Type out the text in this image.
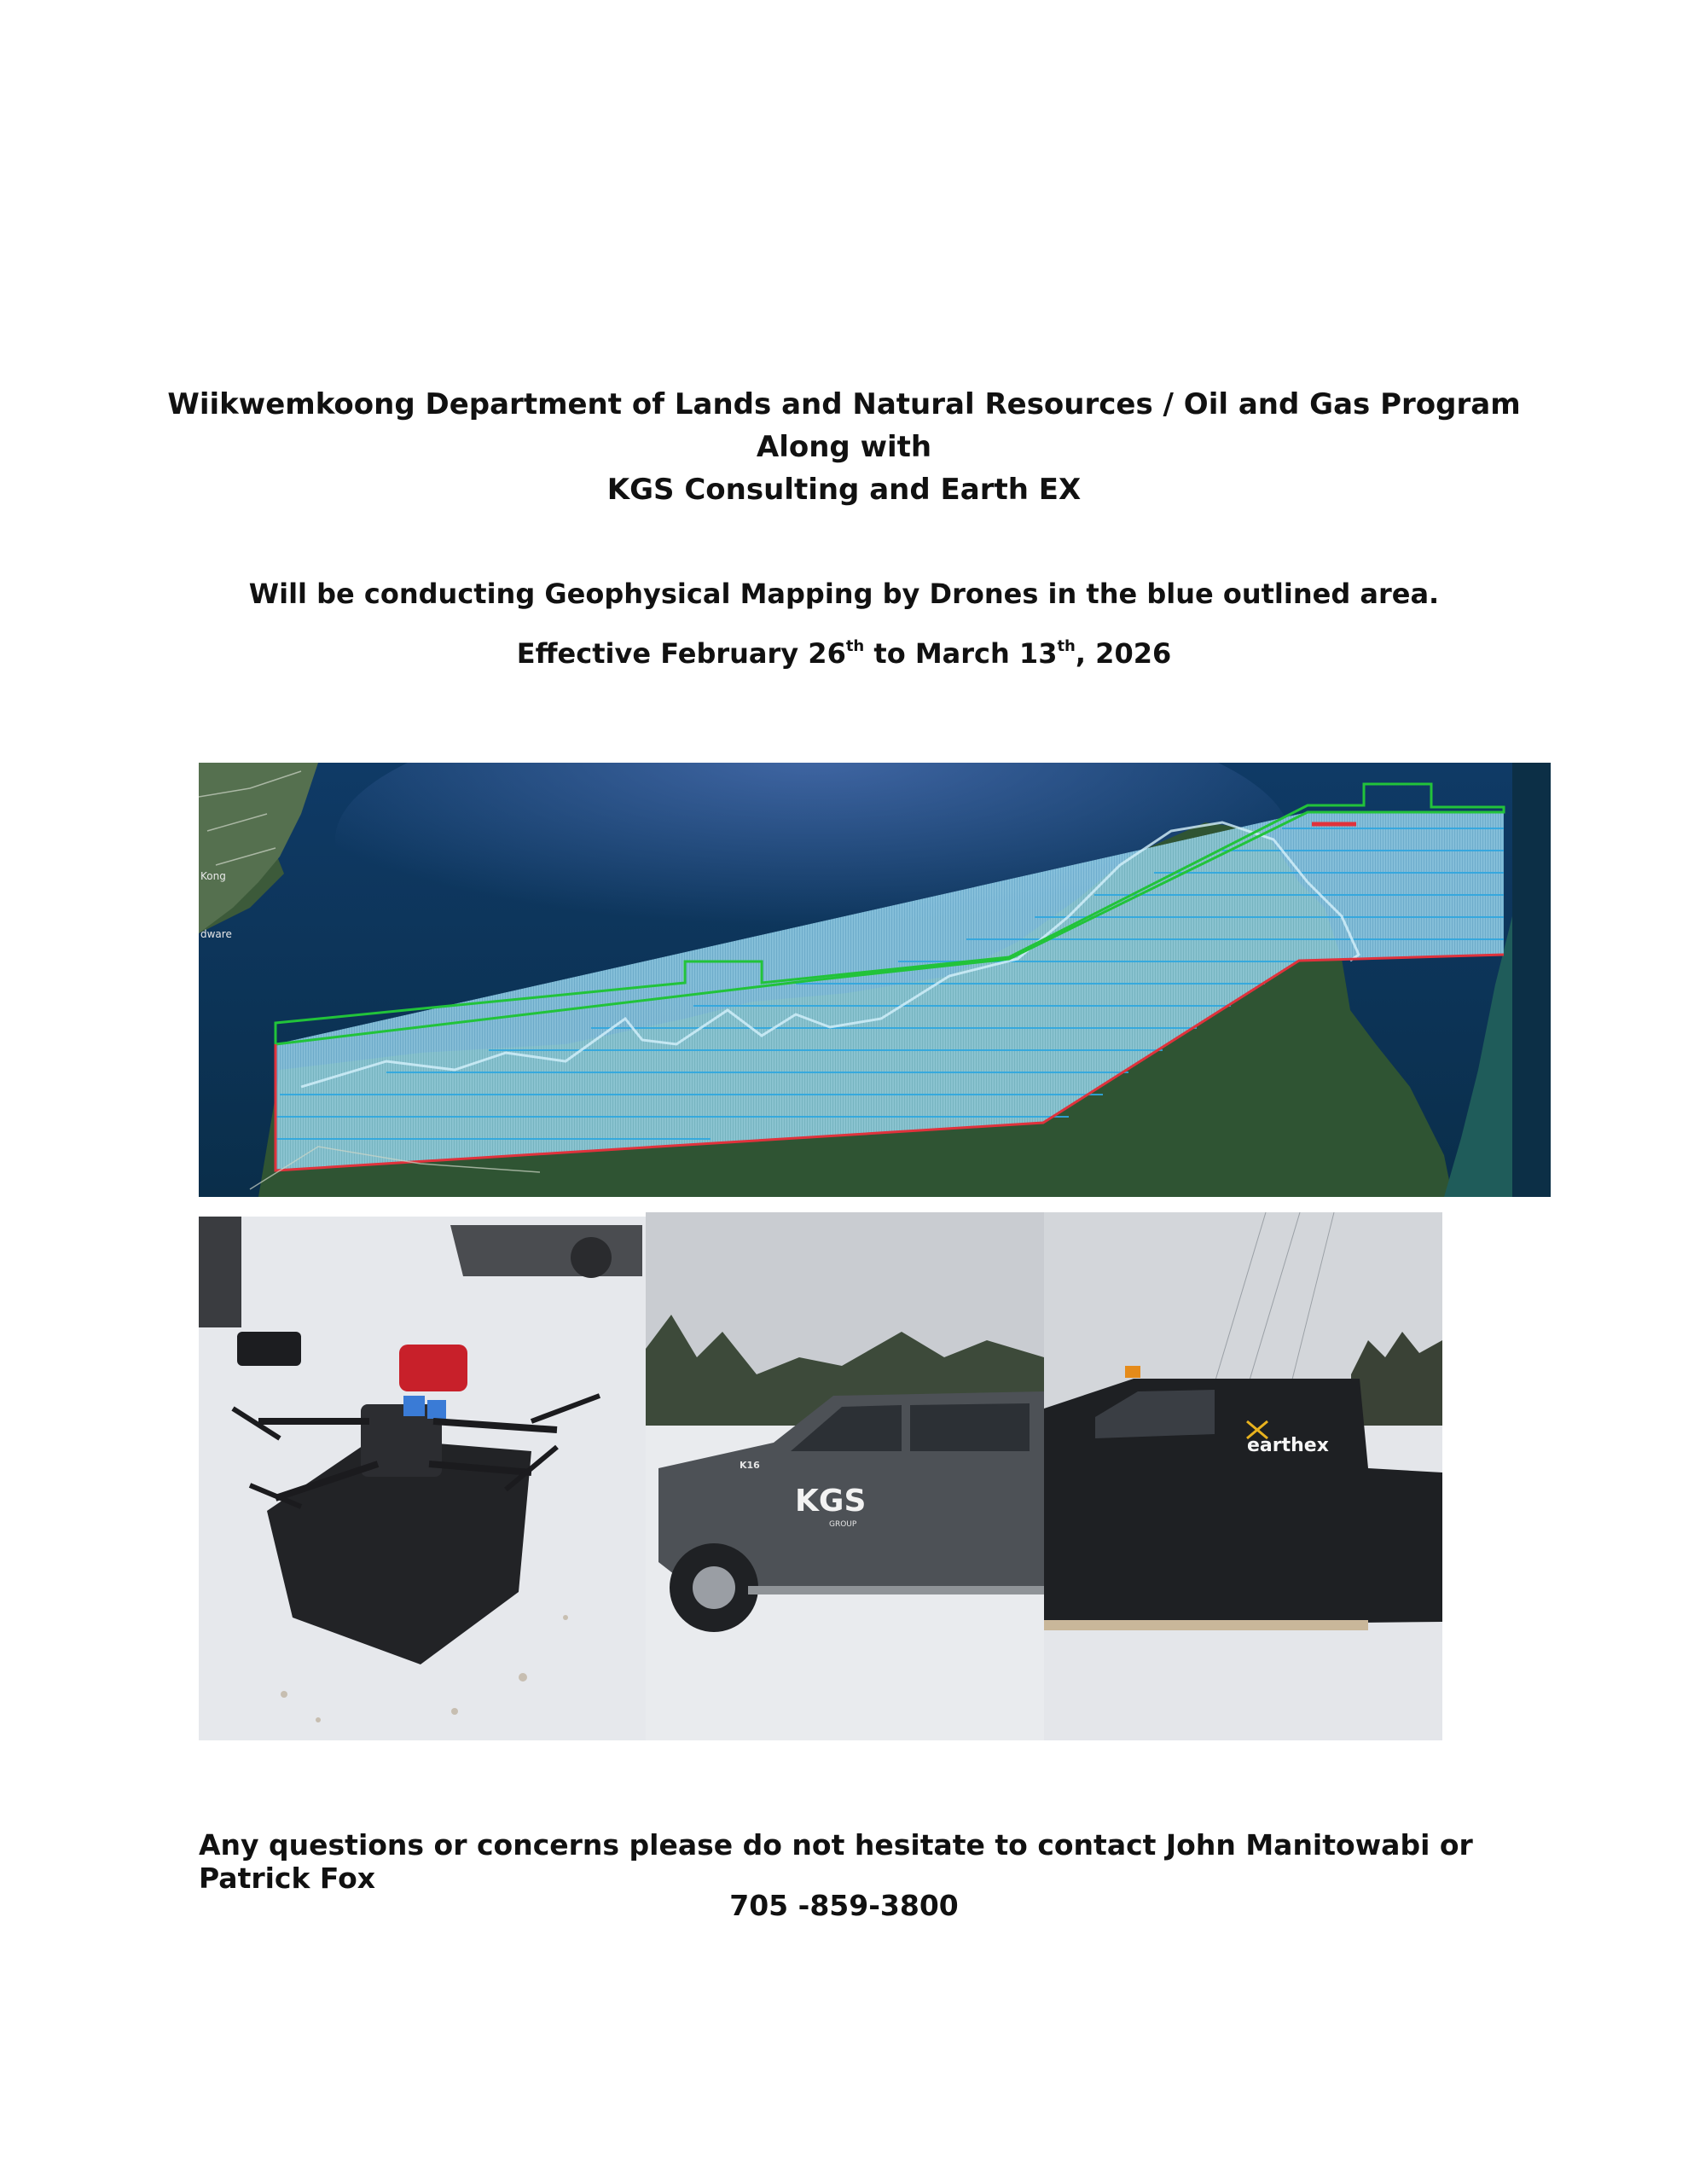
Wiikwemkoong Department of Lands and Natural Resources / Oil and Gas Program
Along with
KGS Consulting and Earth EX
Will be conducting Geophysical Mapping by Drones in the blue outlined area.
Effective February 26th to March 13th, 2026
Kong
dware
KGS
GROUP
K16
earthex
Any questions or concerns please do not hesitate to contact John Manitowabi or Patrick Fox
705 -859-3800
